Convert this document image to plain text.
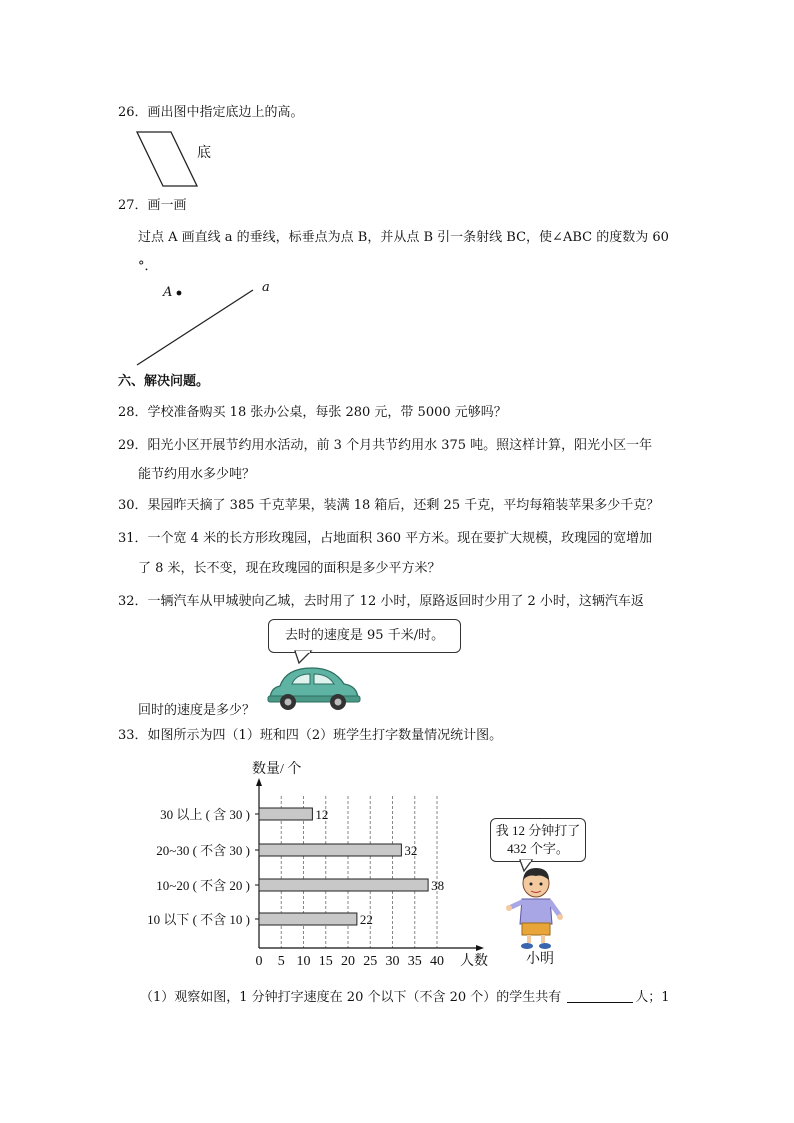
26．画出图中指定底边上的高。
底
27．画一画
过点 A 画直线 a 的垂线，标垂点为点 B，并从点 B 引一条射线 BC，使∠ABC 的度数为 60
°．
A	a
六、解决问题。
28．学校准备购买 18 张办公桌，每张 280 元，带 5000 元够吗？
29．阳光小区开展节约用水活动，前 3 个月共节约用水 375 吨。照这样计算，阳光小区一年
能节约用水多少吨？
30．果园昨天摘了 385 千克苹果，装满 18 箱后，还剩 25 千克，平均每箱装苹果多少千克？
31．一个宽 4 米的长方形玫瑰园，占地面积 360 平方米。现在要扩大规模，玫瑰园的宽增加
了 8 米，长不变，现在玫瑰园的面积是多少平方米？
32．一辆汽车从甲城驶向乙城，去时用了 12 小时，原路返回时少用了 2 小时，这辆汽车返
去时的速度是 95 千米/时。
回时的速度是多少？
33．如图所示为四（1）班和四（2）班学生打字数量情况统计图。
数量/ 个
人数
0 5 10 15 20 25 30 35 40
30 以上 ( 含 30 )	12
20~30 ( 不含 30 )	32
10~20 ( 不含 20 )	38
10 以下 ( 不含 10 )	22
我 12 分钟打了 432 个字。
小明
（1）观察如图，1 分钟打字速度在 20 个以下（不含 20 个）的学生共有	人；1
